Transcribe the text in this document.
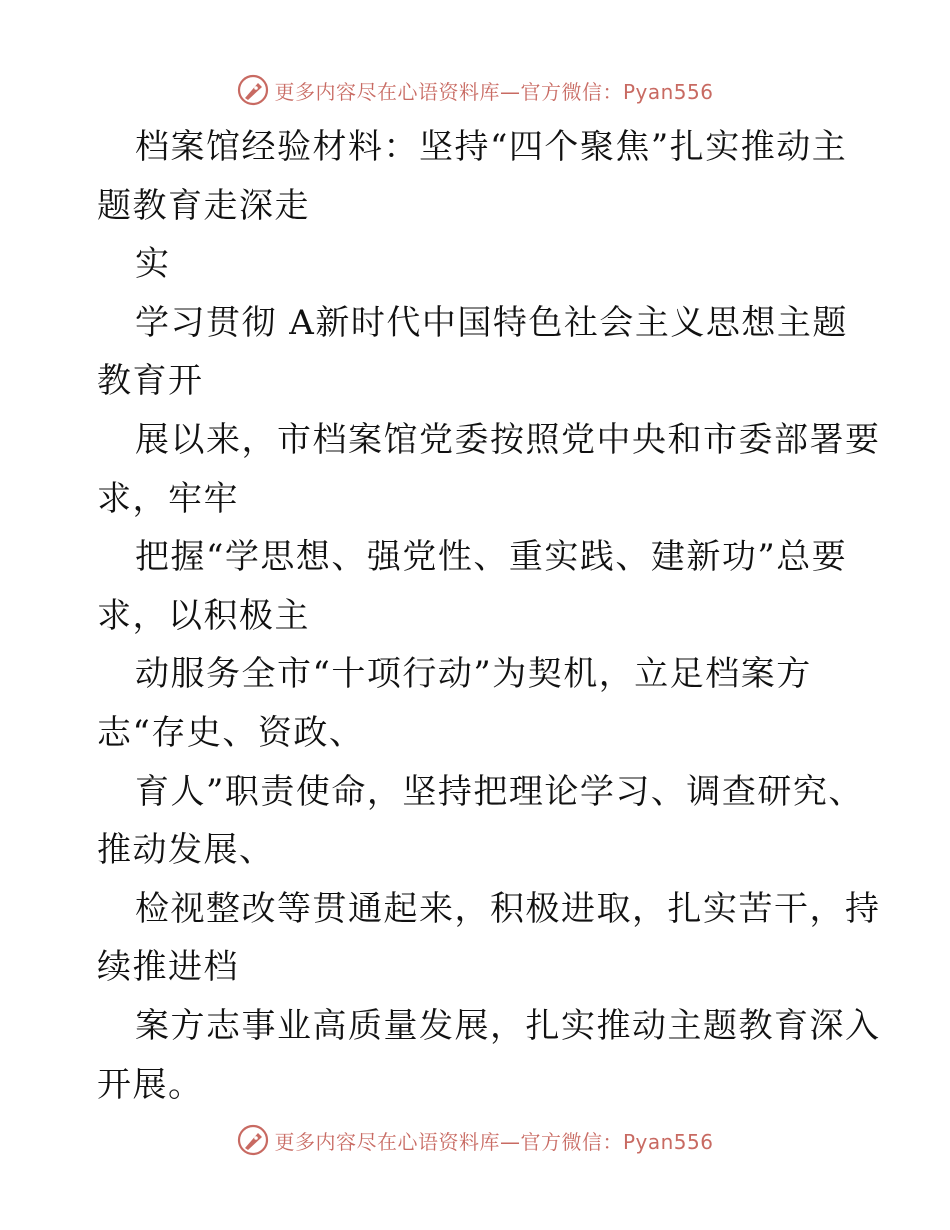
更多内容尽在心语资料库—官方微信：Pyan556
档案馆经验材料：坚持“四个聚焦”扎实推动主
题教育走深走
实
学习贯彻 A新时代中国特色社会主义思想主题
教育开
展以来，市档案馆党委按照党中央和市委部署要
求，牢牢
把握“学思想、强党性、重实践、建新功”总要
求，以积极主
动服务全市“十项行动”为契机，立足档案方
志“存史、资政、
育人”职责使命，坚持把理论学习、调查研究、
推动发展、
检视整改等贯通起来，积极进取，扎实苦干，持
续推进档
案方志事业高质量发展，扎实推动主题教育深入
开展。
更多内容尽在心语资料库—官方微信：Pyan556
